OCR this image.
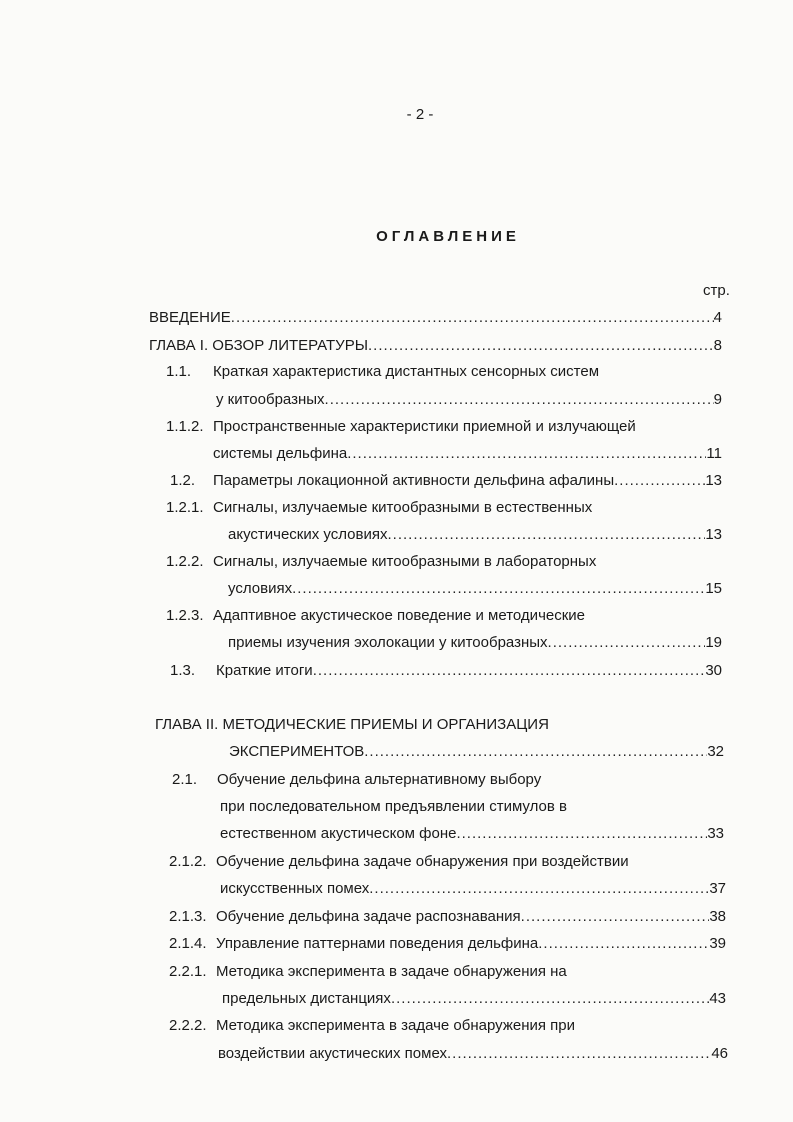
- 2 -
ОГЛАВЛЕНИЕ
стр.
ВВЕДЕНИЕ .....	4
ГЛАВА I. ОБЗОР ЛИТЕРАТУРЫ .....	8
1.1. Краткая характеристика дистантных сенсорных систем
у китообразных .....	9
1.1.2. Пространственные характеристики приемной и излучающей
системы дельфина .....	11
1.2. Параметры локационной активности дельфина афалины .....	13
1.2.1. Сигналы, излучаемые китообразными в естественных
акустических условиях .....	13
1.2.2. Сигналы, излучаемые китообразными в лабораторных
условиях .....	15
1.2.3. Адаптивное акустическое поведение и методические
приемы изучения эхолокации у китообразных .....	19
1.3. Краткие итоги .....	30
ГЛАВА II. МЕТОДИЧЕСКИЕ ПРИЕМЫ И ОРГАНИЗАЦИЯ
ЭКСПЕРИМЕНТОВ .....	32
2.1. Обучение дельфина альтернативному выбору
при последовательном предъявлении стимулов в
естественном акустическом фоне .....	33
2.1.2. Обучение дельфина задаче обнаружения при воздействии
искусственных помех .....	37
2.1.3. Обучение дельфина задаче распознавания .....	38
2.1.4. Управление паттернами поведения дельфина .....	39
2.2.1. Методика эксперимента в задаче обнаружения на
предельных дистанциях .....	43
2.2.2. Методика эксперимента в задаче обнаружения при
воздействии акустических помех .....	46
